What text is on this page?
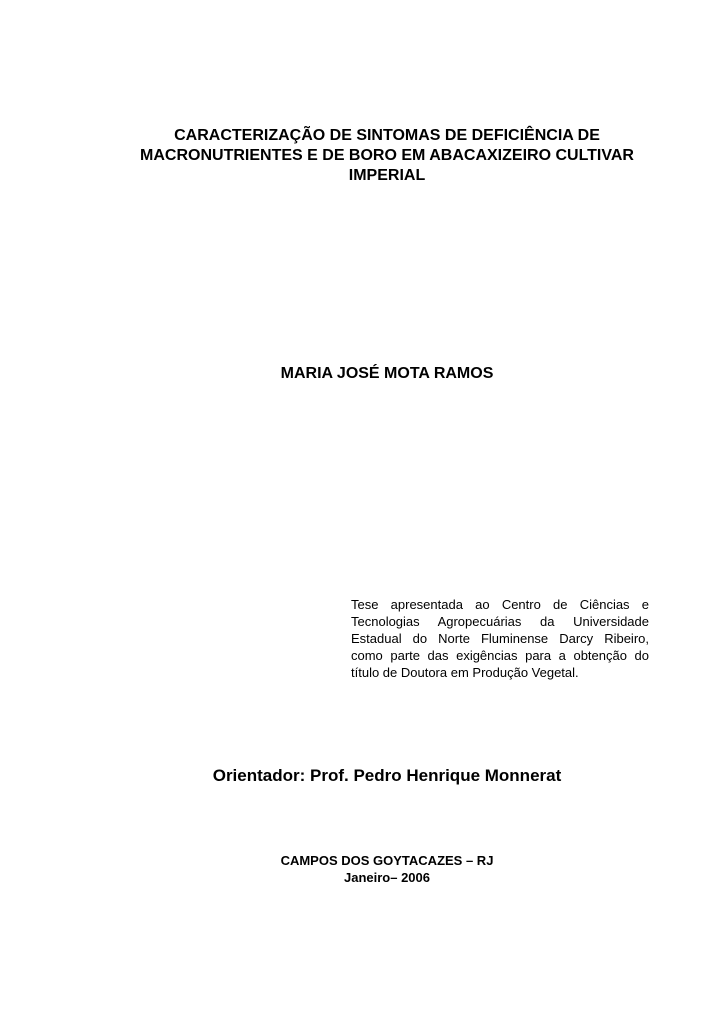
CARACTERIZAÇÃO DE SINTOMAS DE DEFICIÊNCIA DE
MACRONUTRIENTES E DE BORO EM ABACAXIZEIRO CULTIVAR
IMPERIAL
MARIA JOSÉ MOTA RAMOS
Tese apresentada ao Centro de Ciências e
Tecnologias Agropecuárias da Universidade
Estadual do Norte Fluminense Darcy Ribeiro,
como parte das exigências para a obtenção do
título de Doutora em Produção Vegetal.
Orientador: Prof. Pedro Henrique Monnerat
CAMPOS DOS GOYTACAZES – RJ
Janeiro– 2006
